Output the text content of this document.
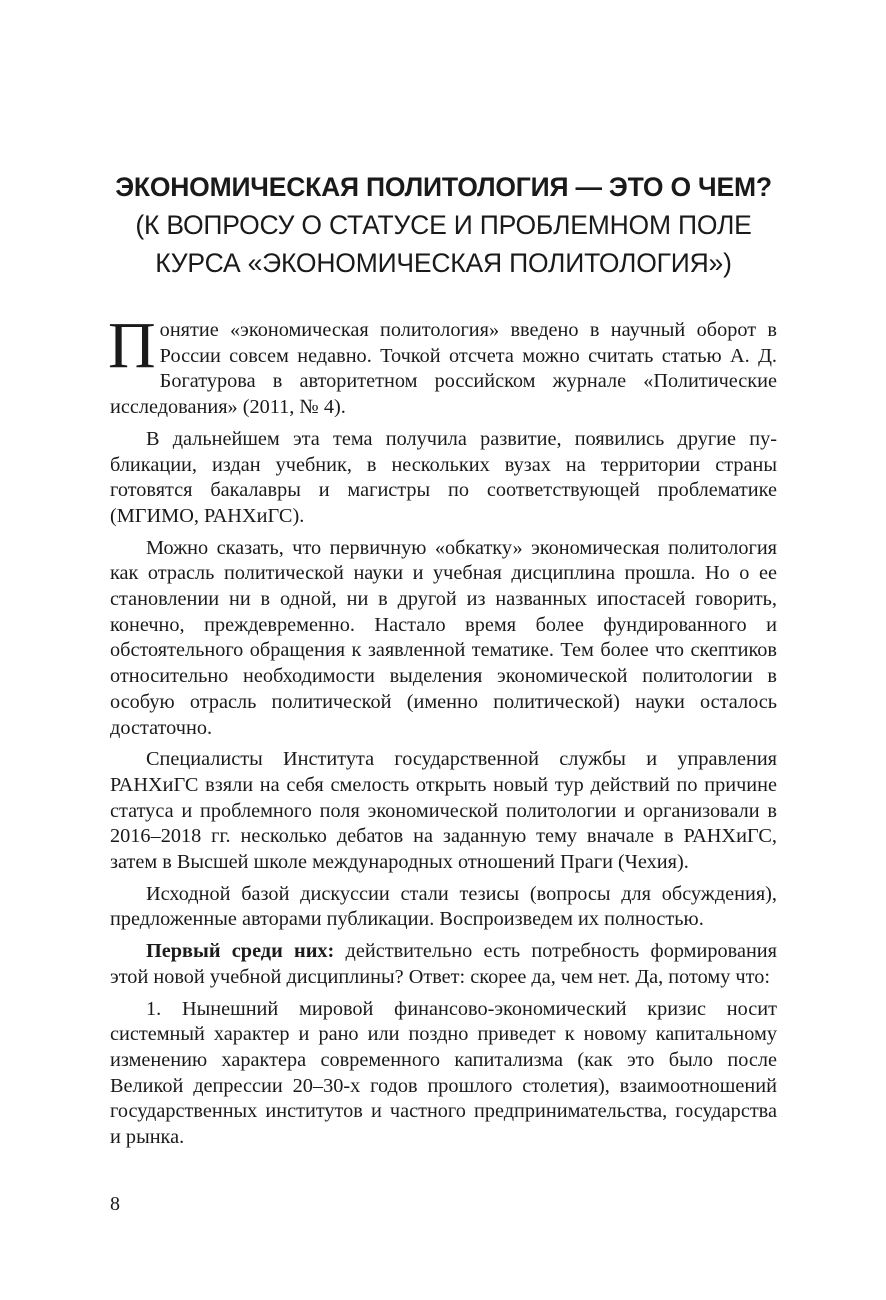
ЭКОНОМИЧЕСКАЯ ПОЛИТОЛОГИЯ — ЭТО О ЧЕМ?
(К ВОПРОСУ О СТАТУСЕ И ПРОБЛЕМНОМ ПОЛЕ
КУРСА «ЭКОНОМИЧЕСКАЯ ПОЛИТОЛОГИЯ»)

Понятие «экономическая политология» введено в научный оборот в России совсем недавно. Точкой отсчета можно считать статью А. Д. Богатурова в авторитетном российском журнале «Политические исследования» (2011, № 4).

В дальнейшем эта тема получила развитие, появились другие публикации, издан учебник, в нескольких вузах на территории страны готовятся бакалавры и магистры по соответствующей проблематике (МГИМО, РАНХиГС).

Можно сказать, что первичную «обкатку» экономическая политология как отрасль политической науки и учебная дисциплина прошла. Но о ее становлении ни в одной, ни в другой из названных ипостасей говорить, конечно, преждевременно. Настало время более фундированного и обстоятельного обращения к заявленной тематике. Тем более что скептиков относительно необходимости выделения экономической политологии в особую отрасль политической (именно политической) науки осталось достаточно.

Специалисты Института государственной службы и управления РАНХиГС взяли на себя смелость открыть новый тур действий по причине статуса и проблемного поля экономической политологии и организовали в 2016–2018 гг. несколько дебатов на заданную тему вначале в РАНХиГС, затем в Высшей школе международных отношений Праги (Чехия).

Исходной базой дискуссии стали тезисы (вопросы для обсуждения), предложенные авторами публикации. Воспроизведем их полностью.

Первый среди них: действительно есть потребность формирования этой новой учебной дисциплины? Ответ: скорее да, чем нет. Да, потому что:

1. Нынешний мировой финансово-экономический кризис носит системный характер и рано или поздно приведет к новому капитальному изменению характера современного капитализма (как это было после Великой депрессии 20–30-х годов прошлого столетия), взаимоотношений государственных институтов и частного предпринимательства, государства и рынка.

8
